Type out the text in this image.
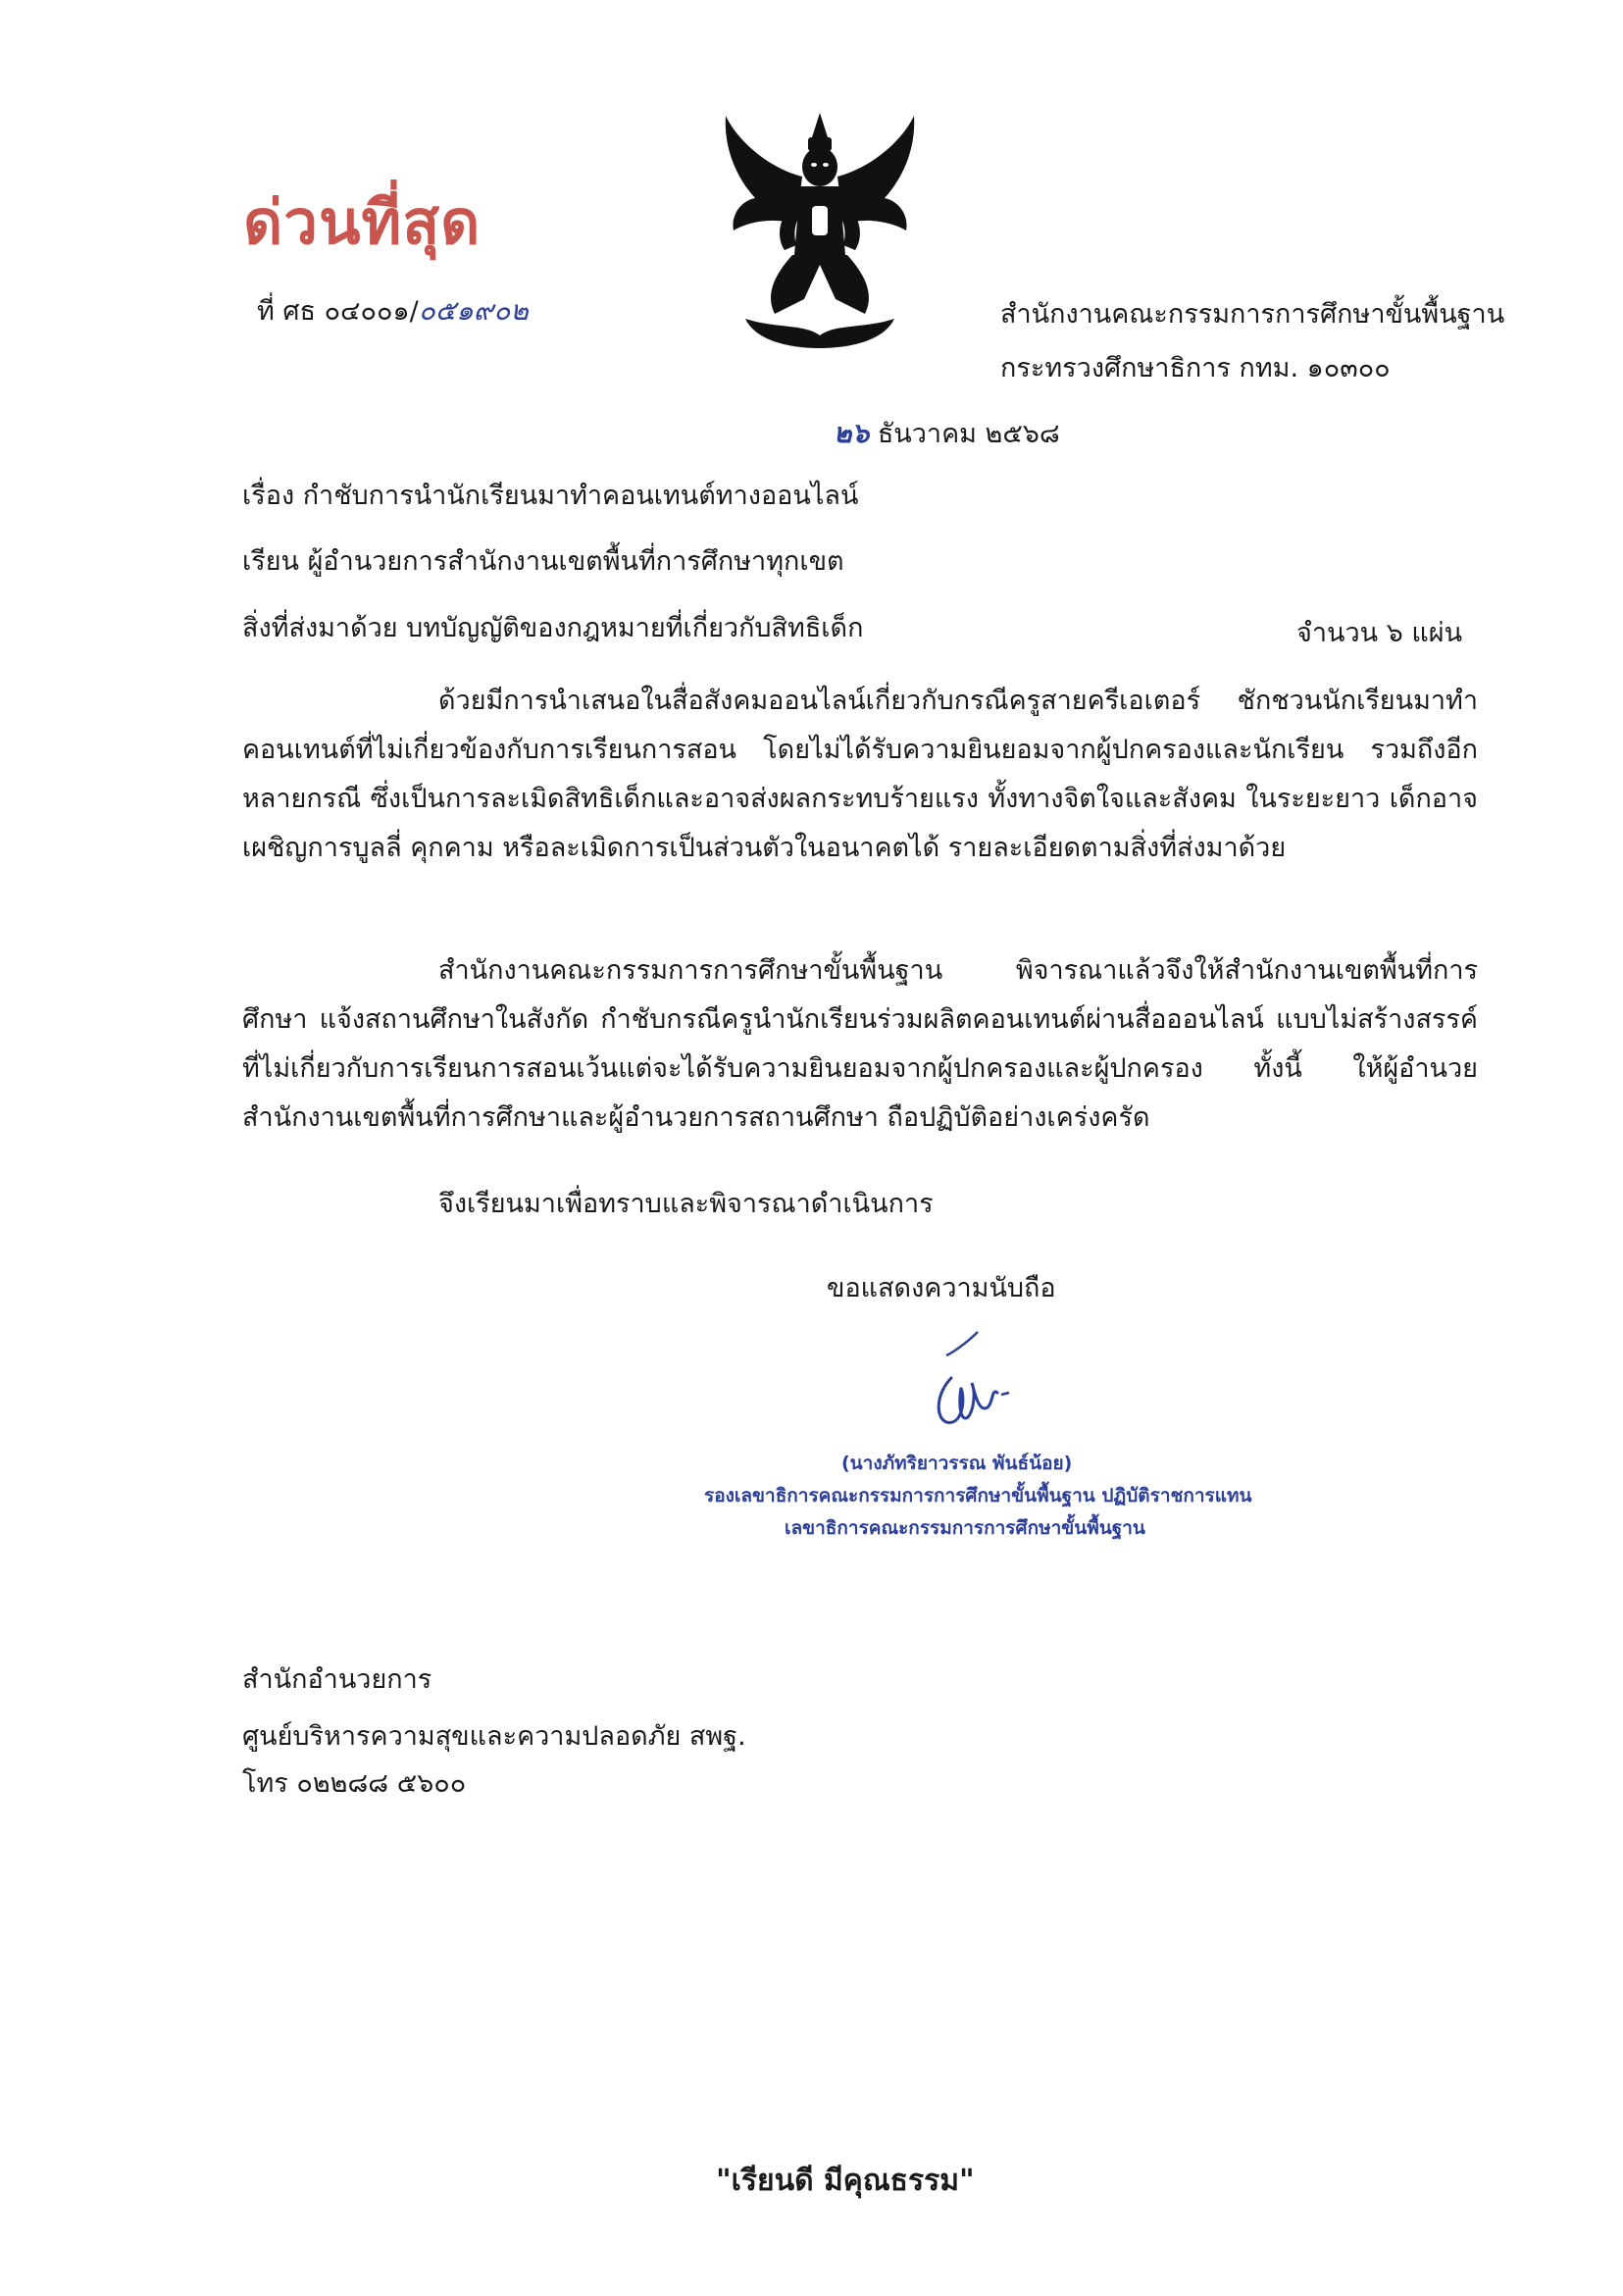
ด่วนที่สุด
ที่ ศธ ๐๔๐๐๑/๐๕๑๙๐๒	สำนักงานคณะกรรมการการศึกษาขั้นพื้นฐาน
กระทรวงศึกษาธิการ กทม. ๑๐๓๐๐
๒๖ ธันวาคม ๒๕๖๘
เรื่อง กำชับการนำนักเรียนมาทำคอนเทนต์ทางออนไลน์
เรียน ผู้อำนวยการสำนักงานเขตพื้นที่การศึกษาทุกเขต
สิ่งที่ส่งมาด้วย บทบัญญัติของกฎหมายที่เกี่ยวกับสิทธิเด็ก	จำนวน ๖ แผ่น

ด้วยมีการนำเสนอในสื่อสังคมออนไลน์เกี่ยวกับกรณีครูสายครีเอเตอร์ ชักชวนนักเรียนมาทำคอนเทนต์ที่ไม่เกี่ยวข้องกับการเรียนการสอน โดยไม่ได้รับความยินยอมจากผู้ปกครองและนักเรียน รวมถึงอีกหลายกรณี ซึ่งเป็นการละเมิดสิทธิเด็กและอาจส่งผลกระทบร้ายแรง ทั้งทางจิตใจและสังคม ในระยะยาว เด็กอาจเผชิญการบูลลี่ คุกคาม หรือละเมิดการเป็นส่วนตัวในอนาคตได้ รายละเอียดตามสิ่งที่ส่งมาด้วย

สำนักงานคณะกรรมการการศึกษาขั้นพื้นฐาน พิจารณาแล้วจึงให้สำนักงานเขตพื้นที่การศึกษา แจ้งสถานศึกษาในสังกัด กำชับกรณีครูนำนักเรียนร่วมผลิตคอนเทนต์ผ่านสื่อออนไลน์ แบบไม่สร้างสรรค์ที่ไม่เกี่ยวกับการเรียนการสอนเว้นแต่จะได้รับความยินยอมจากผู้ปกครองและผู้ปกครอง ทั้งนี้ ให้ผู้อำนวยสำนักงานเขตพื้นที่การศึกษาและผู้อำนวยการสถานศึกษา ถือปฏิบัติอย่างเคร่งครัด

จึงเรียนมาเพื่อทราบและพิจารณาดำเนินการ
ขอแสดงความนับถือ
(นางภัทริยาวรรณ พันธ์น้อย)
รองเลขาธิการคณะกรรมการการศึกษาขั้นพื้นฐาน ปฏิบัติราชการแทน
เลขาธิการคณะกรรมการการศึกษาขั้นพื้นฐาน
สำนักอำนวยการ
ศูนย์บริหารความสุขและความปลอดภัย สพฐ.
โทร ๐๒๒๘๘ ๕๖๐๐
"เรียนดี มีคุณธรรม"
